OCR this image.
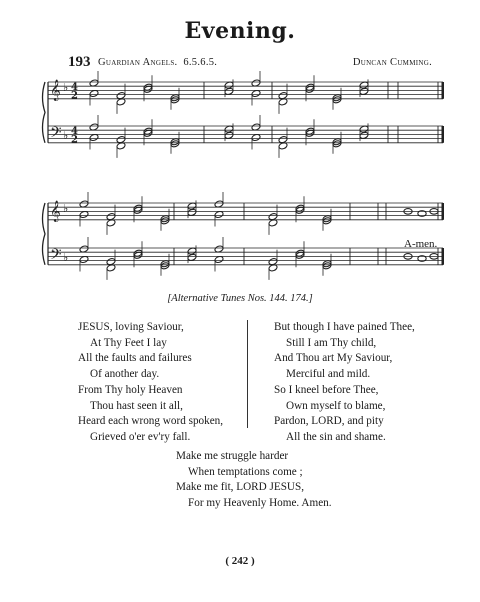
Evening.
193 Guardian Angels. 6.5.6.5.	Duncan Cumming.
𝄞 ♭ 4
2
𝄢 ♭ 4
2
𝄞 ♭
𝄢 ♭
A-men.
[Alternative Tunes Nos. 144. 174.]
JESUS, loving Saviour,
At Thy Feet I lay
All the faults and failures
Of another day.
From Thy holy Heaven
Thou hast seen it all,
Heard each wrong word spoken,
Grieved o'er ev'ry fall.
But though I have pained Thee,
Still I am Thy child,
And Thou art My Saviour,
Merciful and mild.
So I kneel before Thee,
Own myself to blame,
Pardon, LORD, and pity
All the sin and shame.
Make me struggle harder
When temptations come ;
Make me fit, LORD JESUS,
For my Heavenly Home. Amen.
( 242 )
